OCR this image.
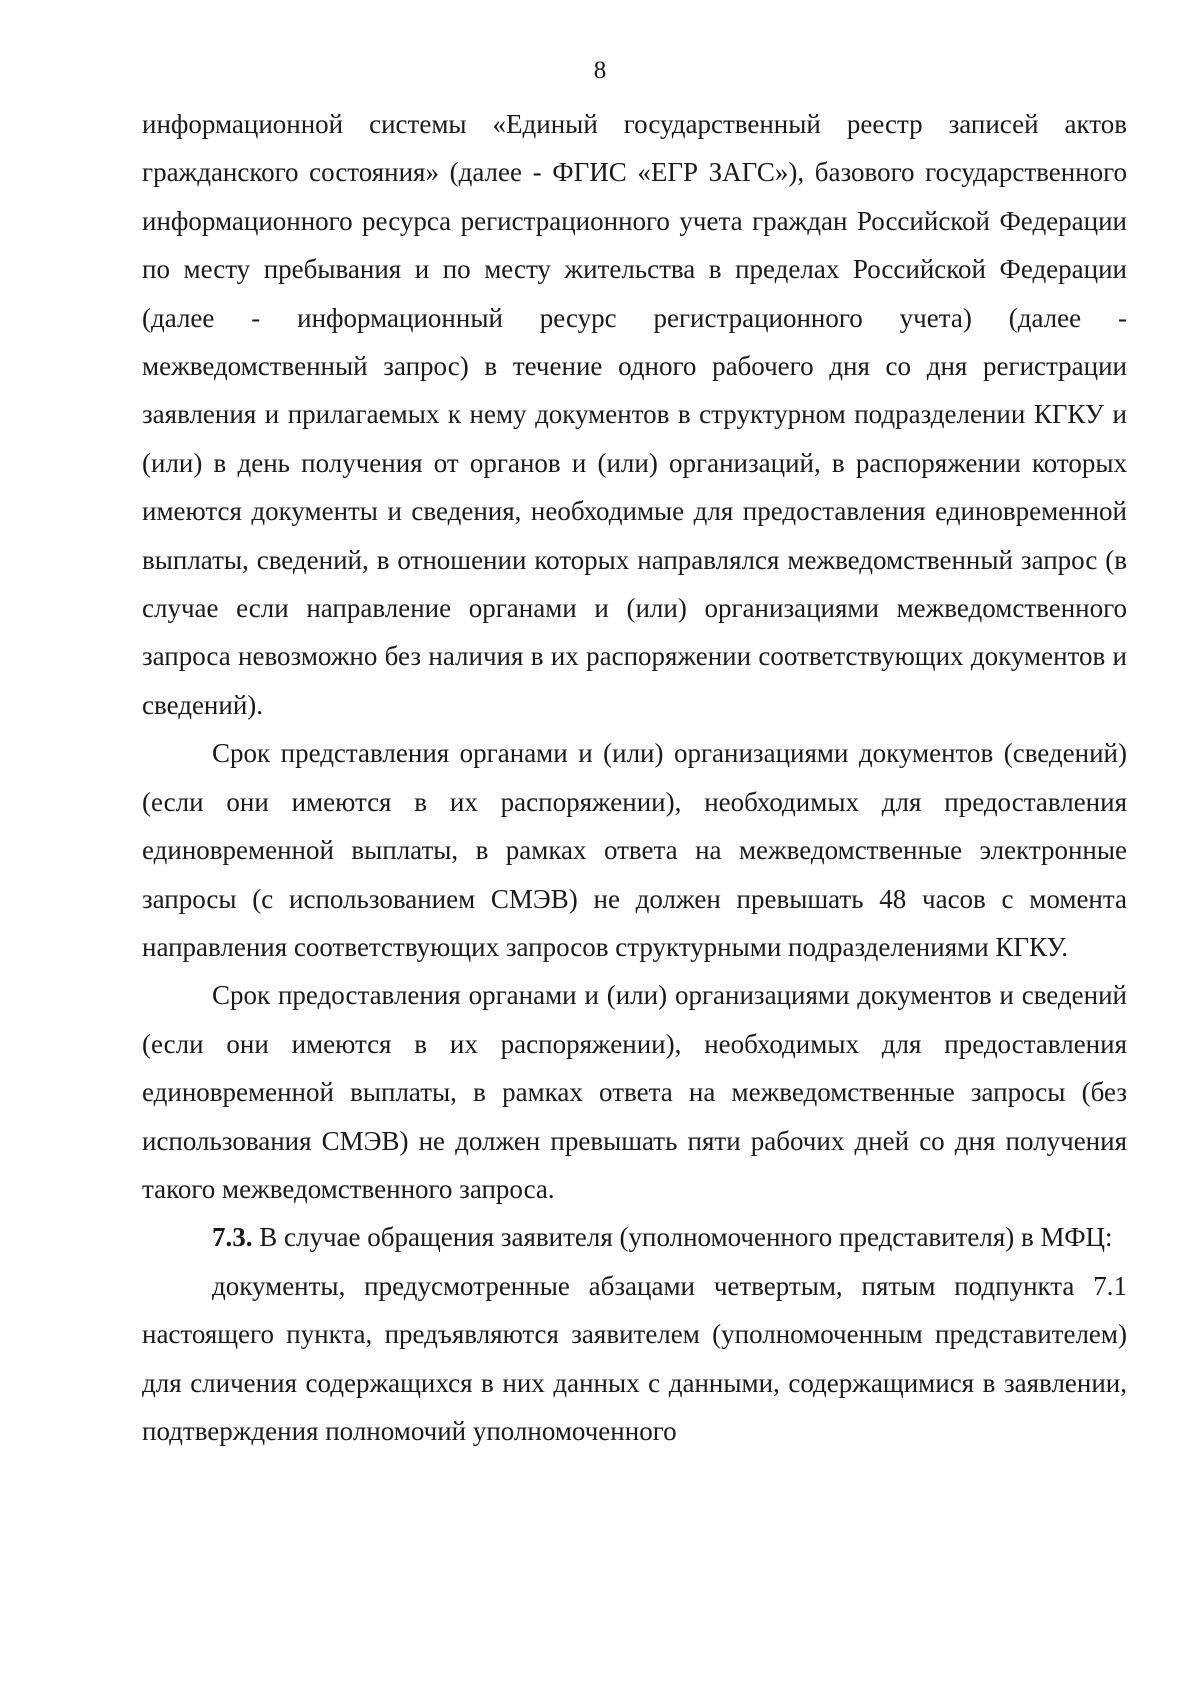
8

информационной системы «Единый государственный реестр записей актов гражданского состояния» (далее - ФГИС «ЕГР ЗАГС»), базового государственного информационного ресурса регистрационного учета граждан Российской Федерации по месту пребывания и по месту жительства в пределах Российской Федерации (далее - информационный ресурс регистрационного учета) (далее - межведомственный запрос) в течение одного рабочего дня со дня регистрации заявления и прилагаемых к нему документов в структурном подразделении КГКУ и (или) в день получения от органов и (или) организаций, в распоряжении которых имеются документы и сведения, необходимые для предоставления единовременной выплаты, сведений, в отношении которых направлялся межведомственный запрос (в случае если направление органами и (или) организациями межведомственного запроса невозможно без наличия в их распоряжении соответствующих документов и сведений).

Срок представления органами и (или) организациями документов (сведений) (если они имеются в их распоряжении), необходимых для предоставления единовременной выплаты, в рамках ответа на межведомственные электронные запросы (с использованием СМЭВ) не должен превышать 48 часов с момента направления соответствующих запросов структурными подразделениями КГКУ.

Срок предоставления органами и (или) организациями документов и сведений (если они имеются в их распоряжении), необходимых для предоставления единовременной выплаты, в рамках ответа на межведомственные запросы (без использования СМЭВ) не должен превышать пяти рабочих дней со дня получения такого межведомственного запроса.

7.3. В случае обращения заявителя (уполномоченного представителя) в МФЦ:

документы, предусмотренные абзацами четвертым, пятым подпункта 7.1 настоящего пункта, предъявляются заявителем (уполномоченным представителем) для сличения содержащихся в них данных с данными, содержащимися в заявлении, подтверждения полномочий уполномоченного
